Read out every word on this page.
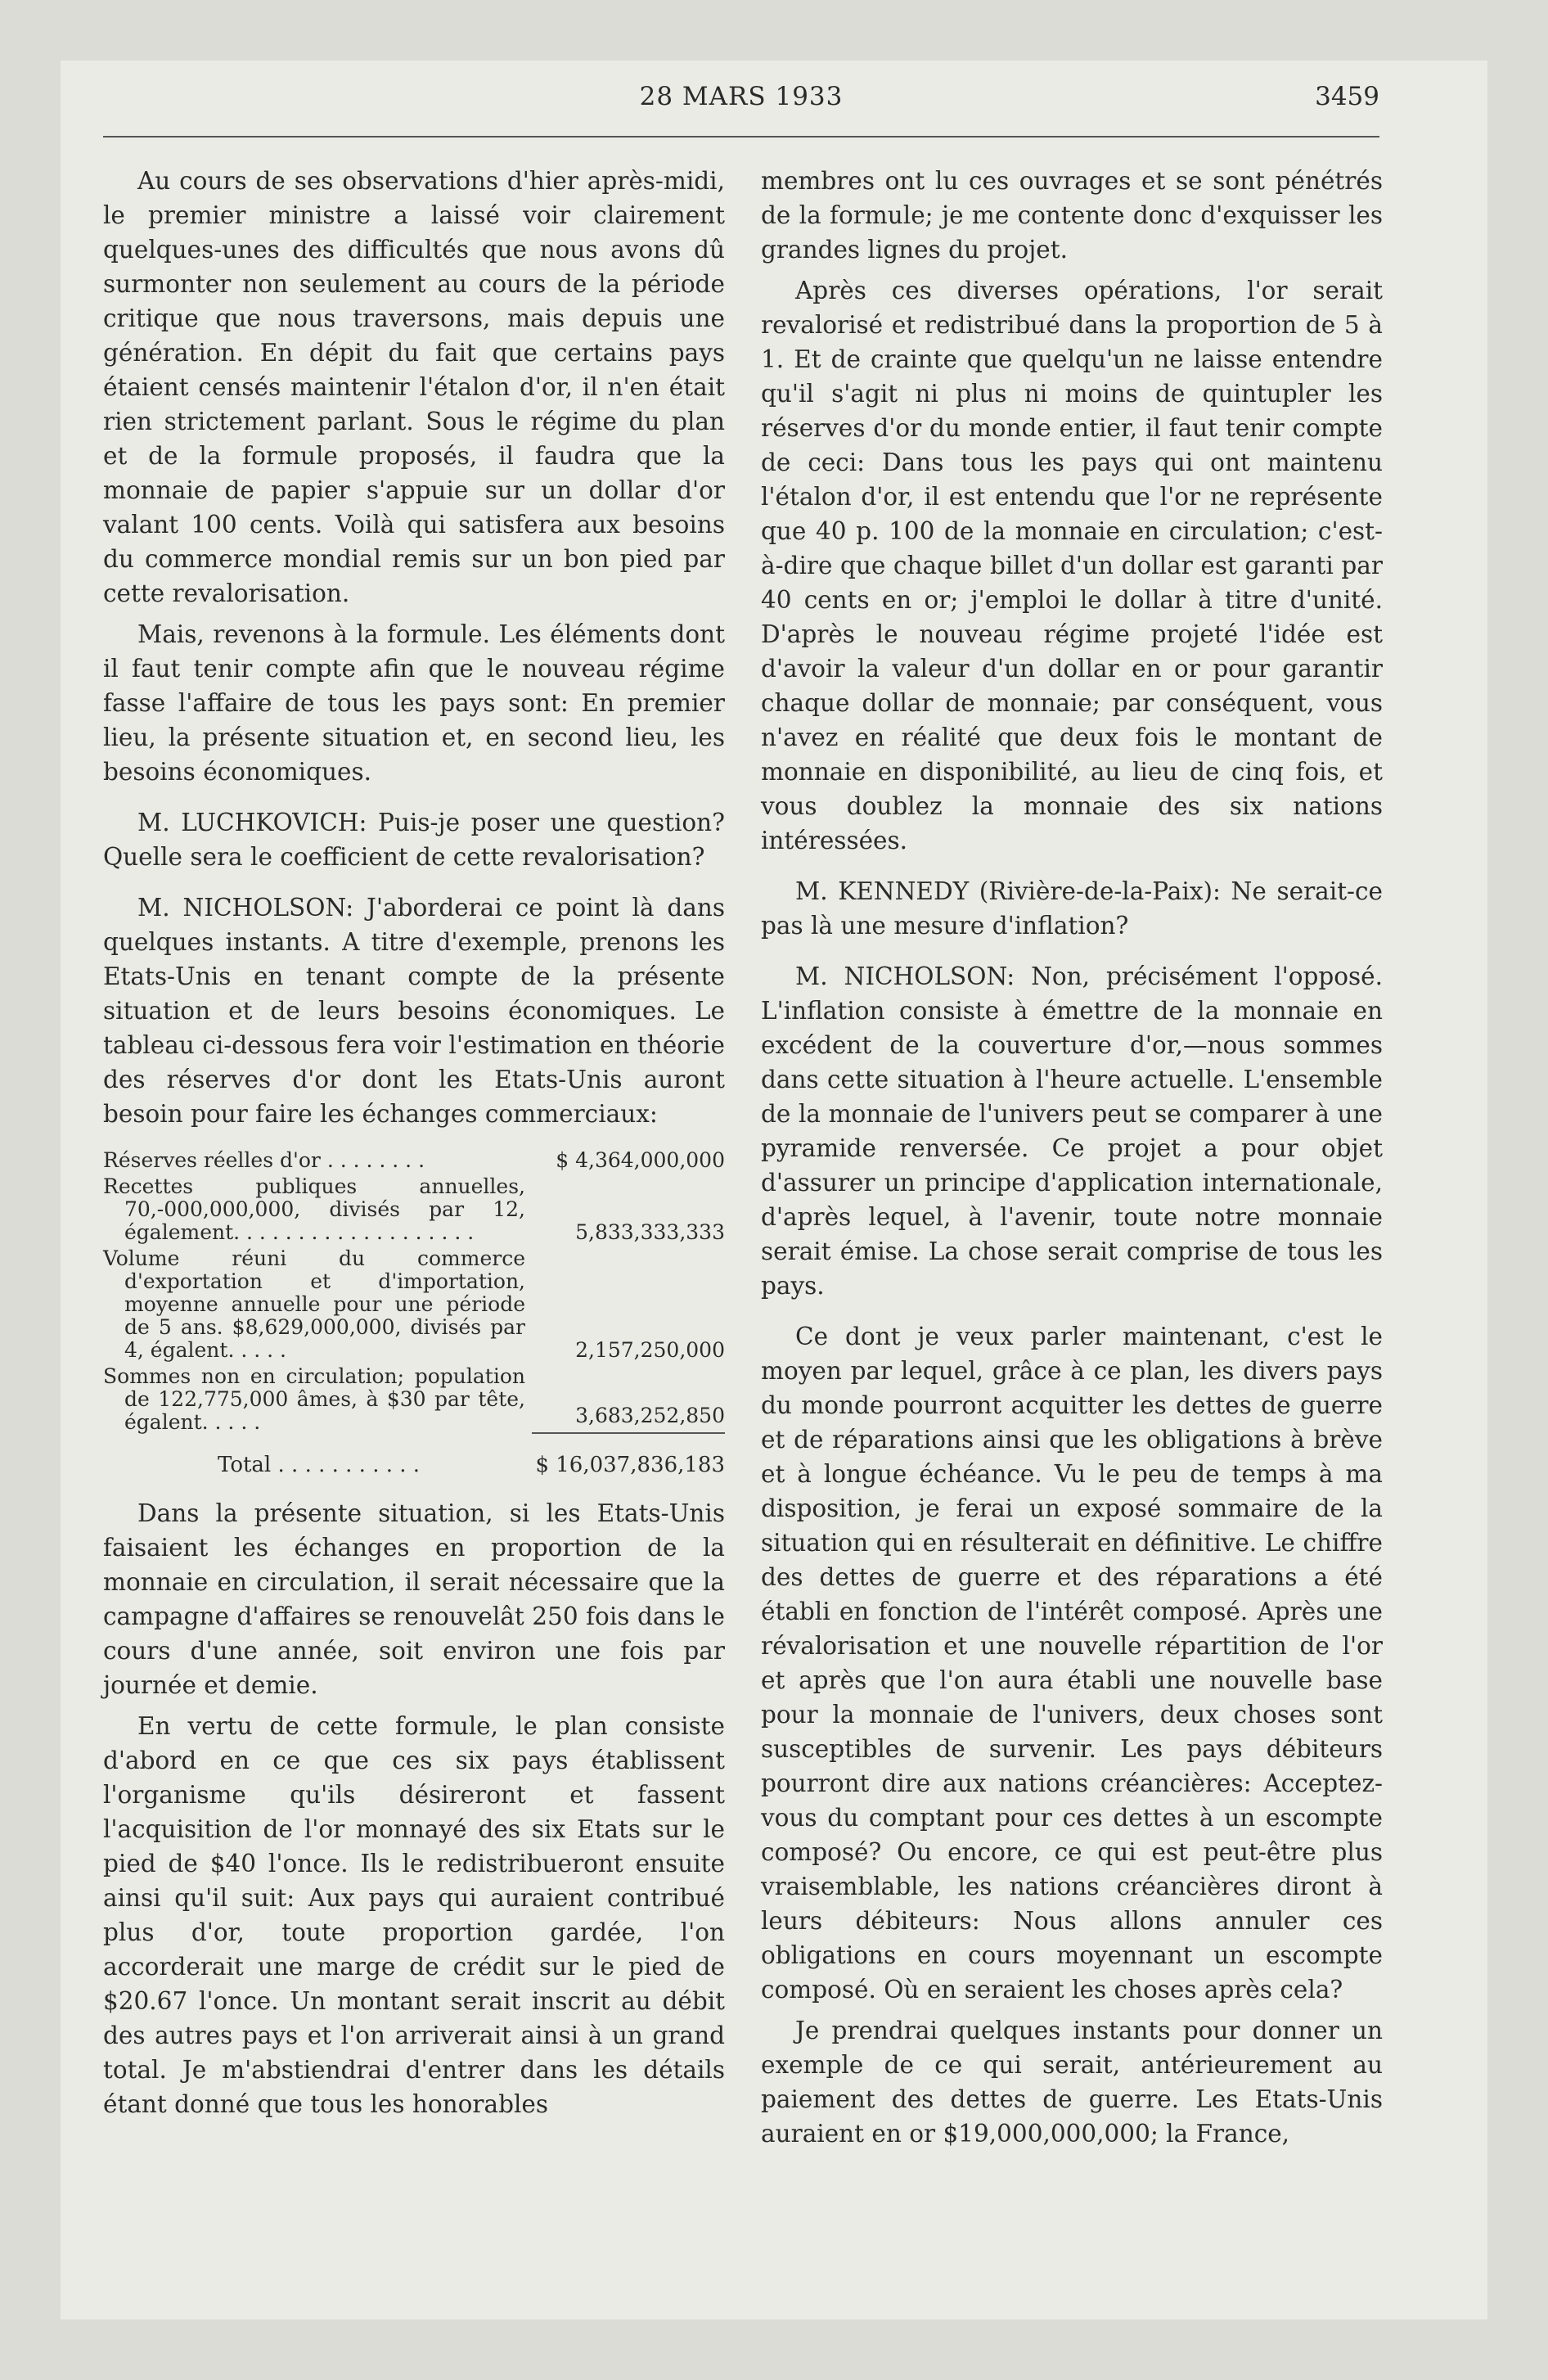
28 MARS 1933	3459

Au cours de ses observations d'hier après-midi, le premier ministre a laissé voir clairement quelques-unes des difficultés que nous avons dû surmonter non seulement au cours de la période critique que nous traversons, mais depuis une génération. En dépit du fait que certains pays étaient censés maintenir l'étalon d'or, il n'en était rien strictement parlant. Sous le régime du plan et de la formule proposés, il faudra que la monnaie de papier s'appuie sur un dollar d'or valant 100 cents. Voilà qui satisfera aux besoins du commerce mondial remis sur un bon pied par cette revalorisation.

Mais, revenons à la formule. Les éléments dont il faut tenir compte afin que le nouveau régime fasse l'affaire de tous les pays sont: En premier lieu, la présente situation et, en second lieu, les besoins économiques.

M. LUCHKOVICH: Puis-je poser une question? Quelle sera le coefficient de cette revalorisation?

M. NICHOLSON: J'aborderai ce point là dans quelques instants. A titre d'exemple, prenons les Etats-Unis en tenant compte de la présente situation et de leurs besoins économiques. Le tableau ci-dessous fera voir l'estimation en théorie des réserves d'or dont les Etats-Unis auront besoin pour faire les échanges commerciaux:

Réserves réelles d'or . . . . . . . .	$ 4,364,000,000
Recettes publiques annuelles, 70,-000,000,000, divisés par 12, également. . . . . . . . . . . . . . . . . . .	5,833,333,333
Volume réuni du commerce d'exportation et d'importation, moyenne annuelle pour une période de 5 ans. $8,629,000,000, divisés par 4, égalent. . . . .	2,157,250,000
Sommes non en circulation; population de 122,775,000 âmes, à $30 par tête, égalent. . . . .	3,683,252,850

Total . . . . . . . . . . .	$ 16,037,836,183

Dans la présente situation, si les Etats-Unis faisaient les échanges en proportion de la monnaie en circulation, il serait nécessaire que la campagne d'affaires se renouvelât 250 fois dans le cours d'une année, soit environ une fois par journée et demie.

En vertu de cette formule, le plan consiste d'abord en ce que ces six pays établissent l'organisme qu'ils désireront et fassent l'acquisition de l'or monnayé des six Etats sur le pied de $40 l'once. Ils le redistribueront ensuite ainsi qu'il suit: Aux pays qui auraient contribué plus d'or, toute proportion gardée, l'on accorderait une marge de crédit sur le pied de $20.67 l'once. Un montant serait inscrit au débit des autres pays et l'on arriverait ainsi à un grand total. Je m'abstiendrai d'entrer dans les détails étant donné que tous les honorables

membres ont lu ces ouvrages et se sont pénétrés de la formule; je me contente donc d'exquisser les grandes lignes du projet.

Après ces diverses opérations, l'or serait revalorisé et redistribué dans la proportion de 5 à 1. Et de crainte que quelqu'un ne laisse entendre qu'il s'agit ni plus ni moins de quintupler les réserves d'or du monde entier, il faut tenir compte de ceci: Dans tous les pays qui ont maintenu l'étalon d'or, il est entendu que l'or ne représente que 40 p. 100 de la monnaie en circulation; c'est-à-dire que chaque billet d'un dollar est garanti par 40 cents en or; j'emploi le dollar à titre d'unité. D'après le nouveau régime projeté l'idée est d'avoir la valeur d'un dollar en or pour garantir chaque dollar de monnaie; par conséquent, vous n'avez en réalité que deux fois le montant de monnaie en disponibilité, au lieu de cinq fois, et vous doublez la monnaie des six nations intéressées.

M. KENNEDY (Rivière-de-la-Paix): Ne serait-ce pas là une mesure d'inflation?

M. NICHOLSON: Non, précisément l'opposé. L'inflation consiste à émettre de la monnaie en excédent de la couverture d'or,—nous sommes dans cette situation à l'heure actuelle. L'ensemble de la monnaie de l'univers peut se comparer à une pyramide renversée. Ce projet a pour objet d'assurer un principe d'application internationale, d'après lequel, à l'avenir, toute notre monnaie serait émise. La chose serait comprise de tous les pays.

Ce dont je veux parler maintenant, c'est le moyen par lequel, grâce à ce plan, les divers pays du monde pourront acquitter les dettes de guerre et de réparations ainsi que les obligations à brève et à longue échéance. Vu le peu de temps à ma disposition, je ferai un exposé sommaire de la situation qui en résulterait en définitive. Le chiffre des dettes de guerre et des réparations a été établi en fonction de l'intérêt composé. Après une révalorisation et une nouvelle répartition de l'or et après que l'on aura établi une nouvelle base pour la monnaie de l'univers, deux choses sont susceptibles de survenir. Les pays débiteurs pourront dire aux nations créancières: Acceptez-vous du comptant pour ces dettes à un escompte composé? Ou encore, ce qui est peut-être plus vraisemblable, les nations créancières diront à leurs débiteurs: Nous allons annuler ces obligations en cours moyennant un escompte composé. Où en seraient les choses après cela?

Je prendrai quelques instants pour donner un exemple de ce qui serait, antérieurement au paiement des dettes de guerre. Les Etats-Unis auraient en or $19,000,000,000; la France,
